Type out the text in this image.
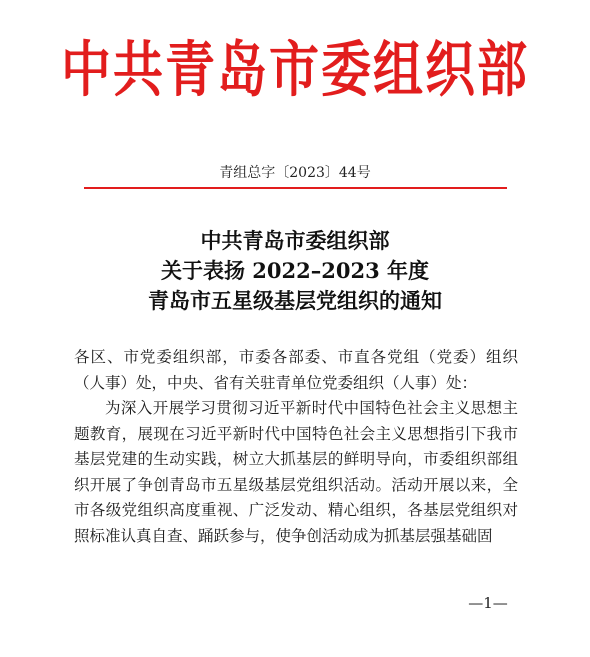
中共青岛市委组织部
青组总字〔2023〕44号
中共青岛市委组织部
关于表扬 2022–2023 年度
青岛市五星级基层党组织的通知

各区、市党委组织部，市委各部委、市直各党组（党委）组织（人事）处，中央、省有关驻青单位党委组织（人事）处：

为深入开展学习贯彻习近平新时代中国特色社会主义思想主题教育，展现在习近平新时代中国特色社会主义思想指引下我市基层党建的生动实践，树立大抓基层的鲜明导向，市委组织部组织开展了争创青岛市五星级基层党组织活动。活动开展以来，全市各级党组织高度重视、广泛发动、精心组织，各基层党组织对照标准认真自查、踊跃参与，使争创活动成为抓基层强基础固

—1—
